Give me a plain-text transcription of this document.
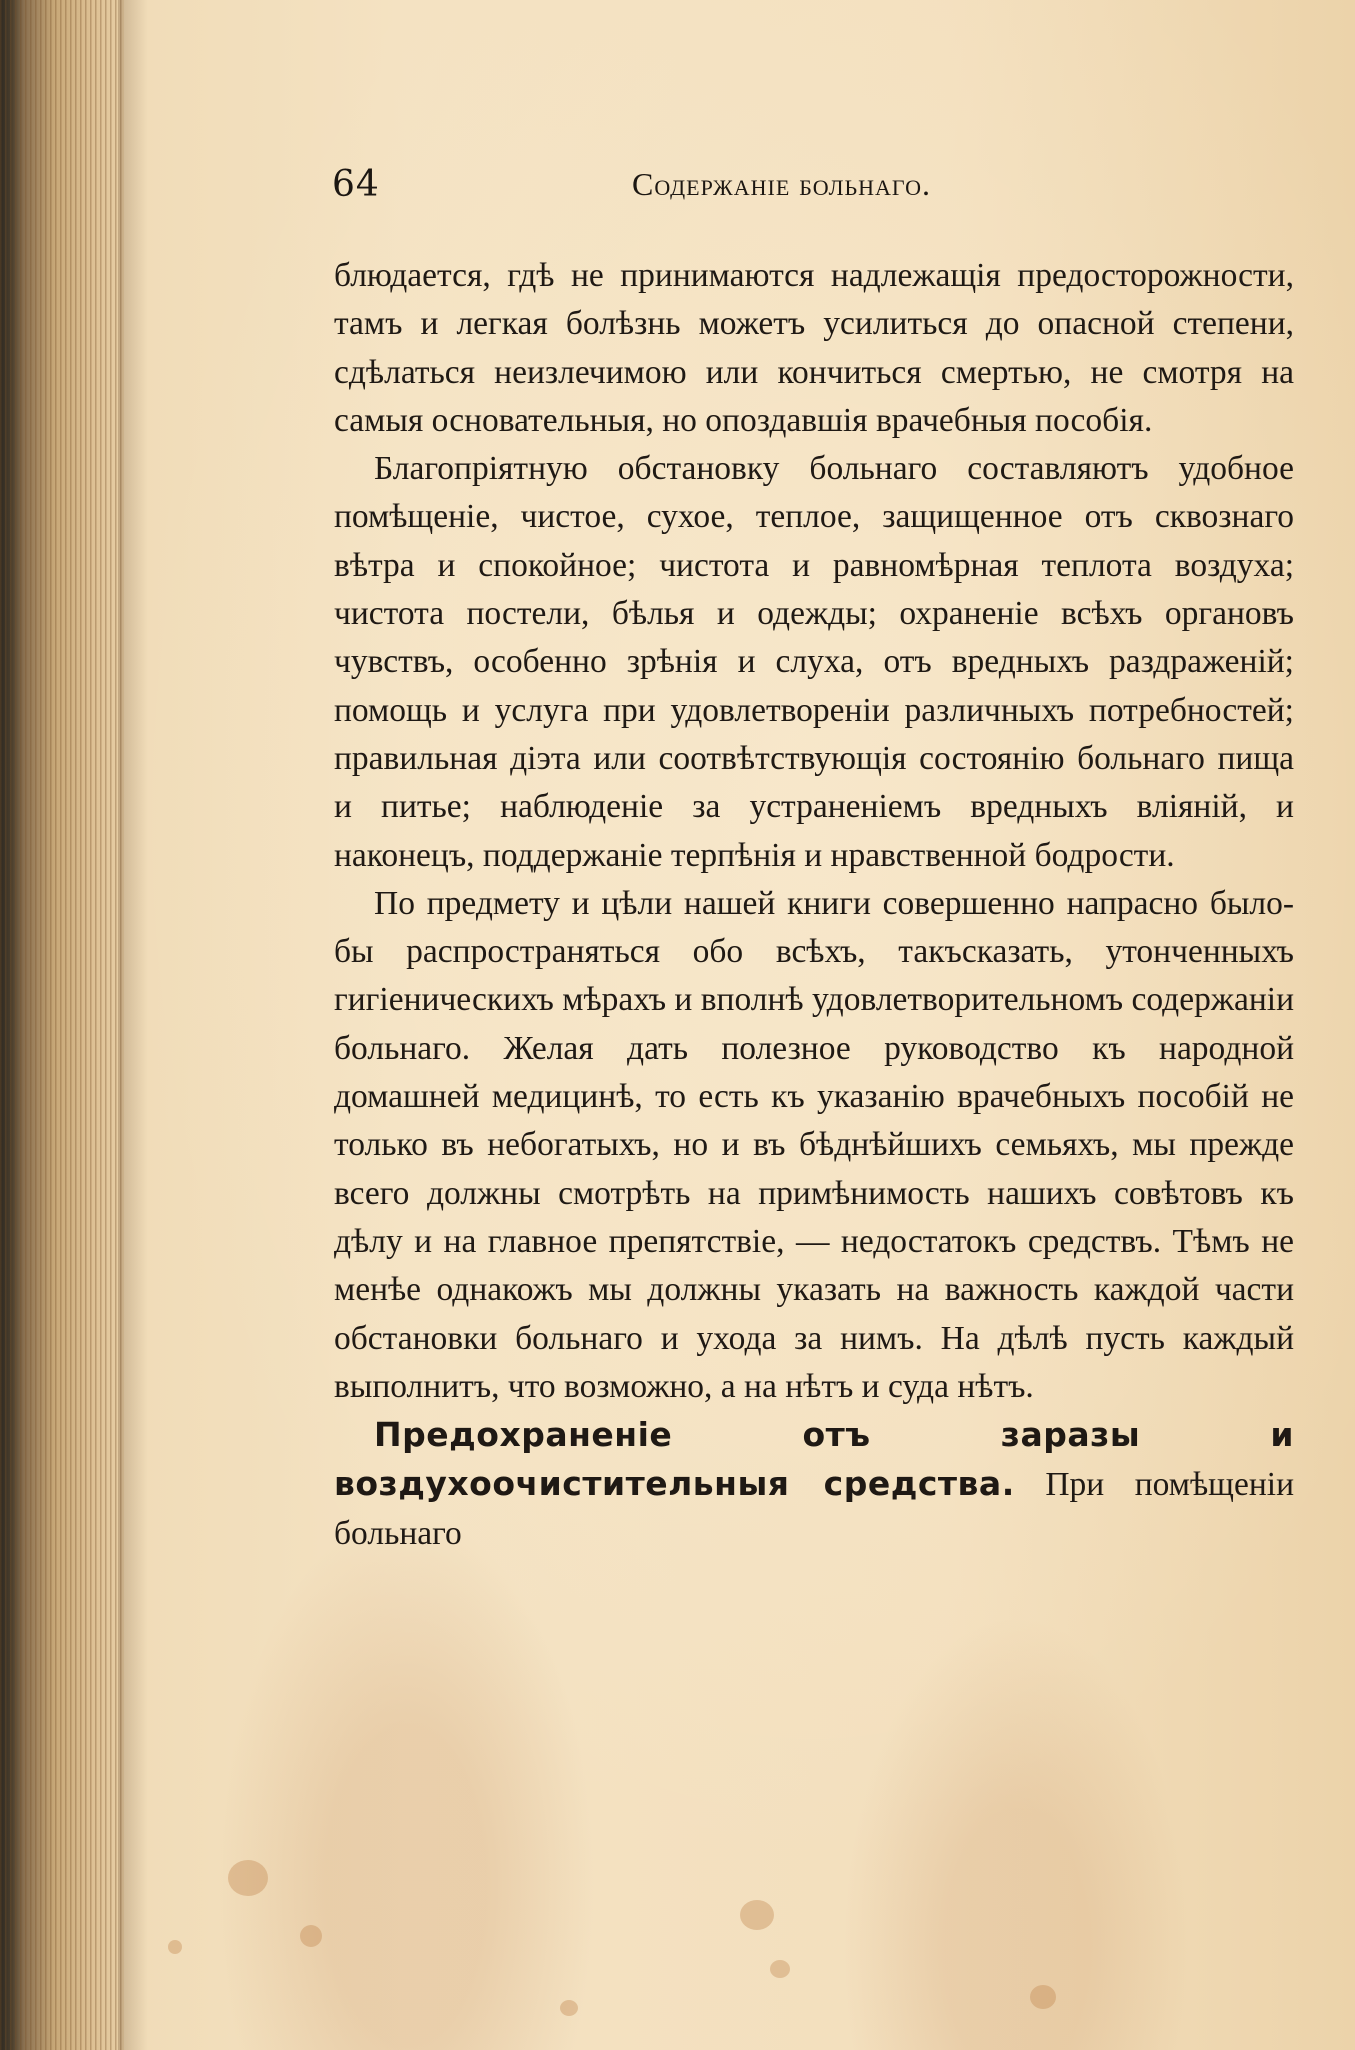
64	Содержаніе больнаго.

блюдается, гдѣ не принимаются надлежащія предосторожности, тамъ и легкая болѣзнь можетъ усилиться до опасной степени, сдѣлаться неизлечимою или кончиться смертью, не смотря на самыя основательныя, но опоздавшія врачебныя пособія.

Благопріятную обстановку больнаго составляютъ удобное помѣщеніе, чистое, сухое, теплое, защищенное отъ сквознаго вѣтра и спокойное; чистота и равномѣрная теплота воздуха; чистота постели, бѣлья и одежды; охраненіе всѣхъ органовъ чувствъ, особенно зрѣнія и слуха, отъ вредныхъ раздраженій; помощь и услуга при удовлетвореніи различныхъ потребностей; правильная діэта или соотвѣтствующія состоянію больнаго пища и питье; наблюденіе за устраненіемъ вредныхъ вліяній, и наконецъ, поддержаніе терпѣнія и нравственной бодрости.

По предмету и цѣли нашей книги совершенно напрасно было-бы распространяться обо всѣхъ, такъсказать, утонченныхъ гигіеническихъ мѣрахъ и вполнѣ удовлетворительномъ содержаніи больнаго. Желая дать полезное руководство къ народной домашней медицинѣ, то есть къ указанію врачебныхъ пособій не только въ небогатыхъ, но и въ бѣднѣйшихъ семьяхъ, мы прежде всего должны смотрѣть на примѣнимость нашихъ совѣтовъ къ дѣлу и на главное препятствіе, — недостатокъ средствъ. Тѣмъ не менѣе однакожъ мы должны указать на важность каждой части обстановки больнаго и ухода за нимъ. На дѣлѣ пусть каждый выполнитъ, что возможно, а на нѣтъ и суда нѣтъ.

Предохраненіе отъ заразы и воздухоочистительныя средства. При помѣщеніи больнаго
